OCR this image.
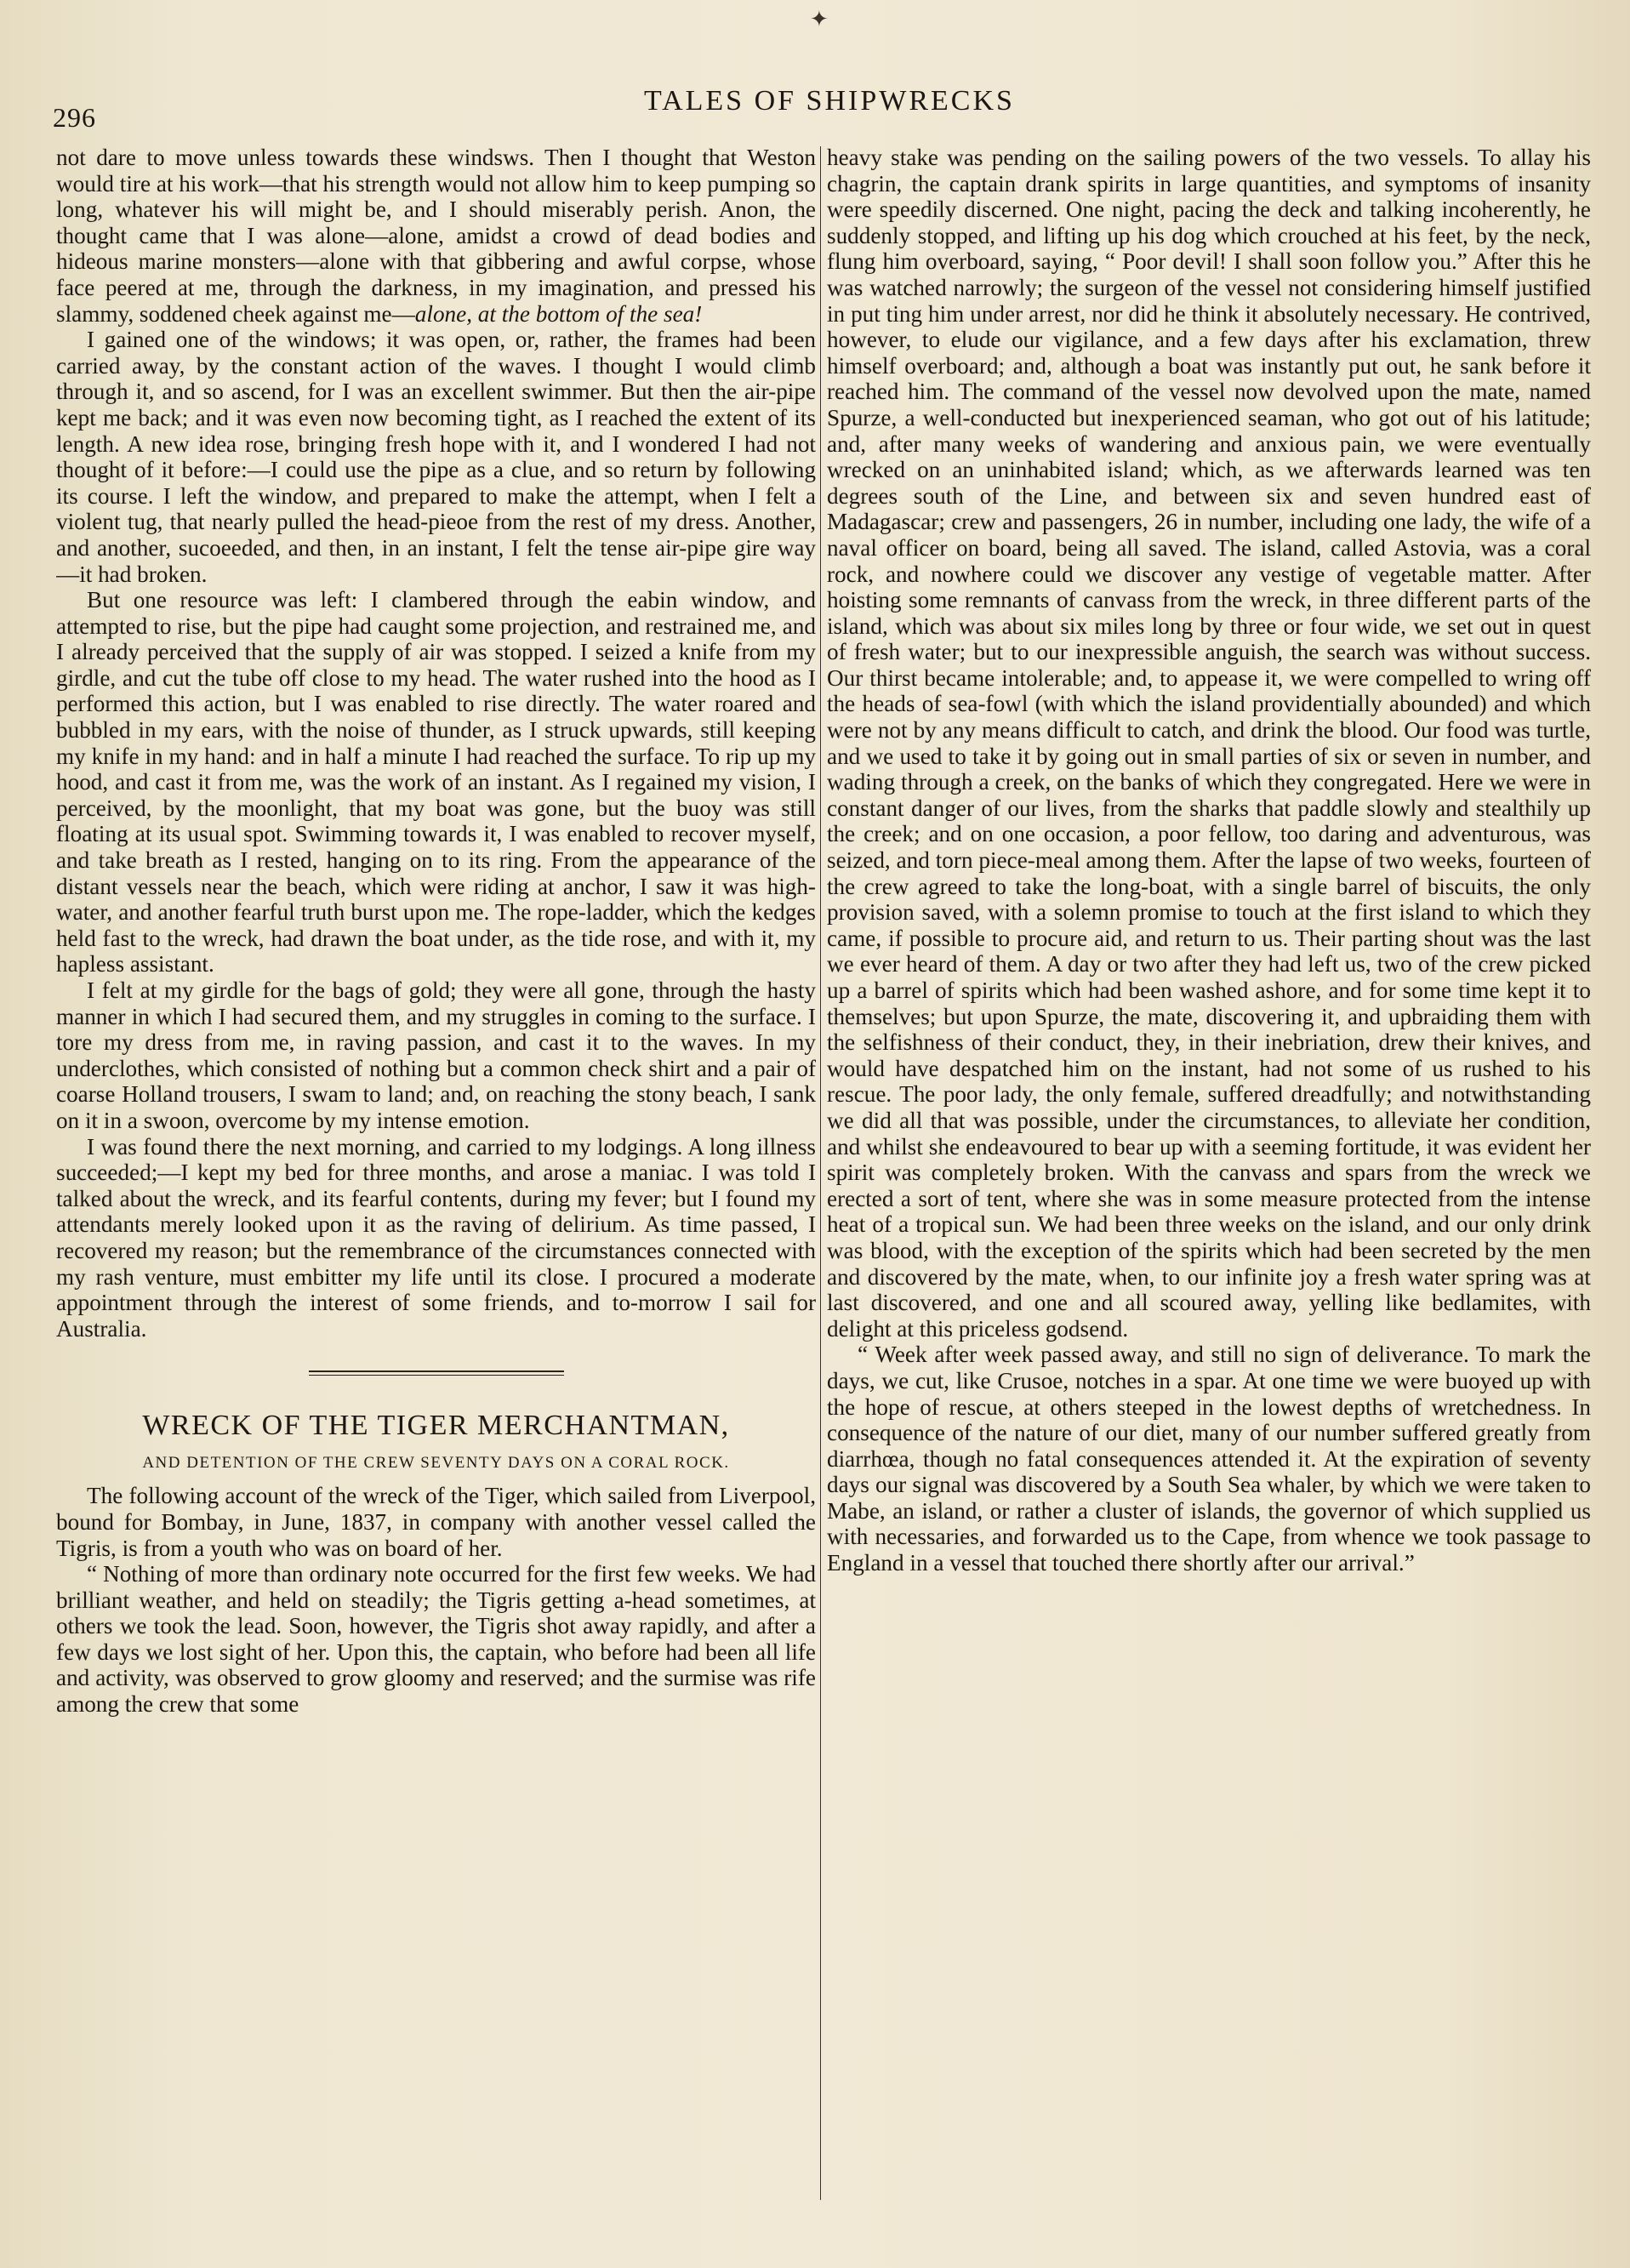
✦
296
TALES OF SHIPWRECKS

not dare to move unless towards these windsws. Then I thought that Weston would tire at his work—that his strength would not allow him to keep pumping so long, whatever his will might be, and I should miserably perish. Anon, the thought came that I was alone—alone, amidst a crowd of dead bodies and hideous marine monsters—alone with that gibbering and awful corpse, whose face peered at me, through the darkness, in my imagination, and pressed his slammy, soddened cheek against me—alone, at the bottom of the sea!

I gained one of the windows; it was open, or, rather, the frames had been carried away, by the constant action of the waves. I thought I would climb through it, and so ascend, for I was an excellent swimmer. But then the air-pipe kept me back; and it was even now becoming tight, as I reached the extent of its length. A new idea rose, bringing fresh hope with it, and I wondered I had not thought of it before:—I could use the pipe as a clue, and so return by following its course. I left the window, and prepared to make the attempt, when I felt a violent tug, that nearly pulled the head-pieoe from the rest of my dress. Another, and another, sucoeeded, and then, in an instant, I felt the tense air-pipe gire way—it had broken.

But one resource was left: I clambered through the eabin window, and attempted to rise, but the pipe had caught some projection, and restrained me, and I already perceived that the supply of air was stopped. I seized a knife from my girdle, and cut the tube off close to my head. The water rushed into the hood as I performed this action, but I was enabled to rise directly. The water roared and bubbled in my ears, with the noise of thunder, as I struck upwards, still keeping my knife in my hand: and in half a minute I had reached the surface. To rip up my hood, and cast it from me, was the work of an instant. As I regained my vision, I perceived, by the moonlight, that my boat was gone, but the buoy was still floating at its usual spot. Swimming towards it, I was enabled to recover myself, and take breath as I rested, hanging on to its ring. From the appearance of the distant vessels near the beach, which were riding at anchor, I saw it was high-water, and another fearful truth burst upon me. The rope-ladder, which the kedges held fast to the wreck, had drawn the boat under, as the tide rose, and with it, my hapless assistant.

I felt at my girdle for the bags of gold; they were all gone, through the hasty manner in which I had secured them, and my struggles in coming to the surface. I tore my dress from me, in raving passion, and cast it to the waves. In my underclothes, which consisted of nothing but a common check shirt and a pair of coarse Holland trousers, I swam to land; and, on reaching the stony beach, I sank on it in a swoon, overcome by my intense emotion.

I was found there the next morning, and carried to my lodgings. A long illness succeeded;—I kept my bed for three months, and arose a maniac. I was told I talked about the wreck, and its fearful contents, during my fever; but I found my attendants merely looked upon it as the raving of delirium. As time passed, I recovered my reason; but the remembrance of the circumstances connected with my rash venture, must embitter my life until its close. I procured a moderate appointment through the interest of some friends, and to-morrow I sail for Australia.

WRECK OF THE TIGER MERCHANTMAN,
AND DETENTION OF THE CREW SEVENTY DAYS ON A CORAL ROCK.

The following account of the wreck of the Tiger, which sailed from Liverpool, bound for Bombay, in June, 1837, in company with another vessel called the Tigris, is from a youth who was on board of her.

“ Nothing of more than ordinary note occurred for the first few weeks. We had brilliant weather, and held on steadily; the Tigris getting a-head sometimes, at others we took the lead. Soon, however, the Tigris shot away rapidly, and after a few days we lost sight of her. Upon this, the captain, who before had been all life and activity, was observed to grow gloomy and reserved; and the surmise was rife among the crew that some

heavy stake was pending on the sailing powers of the two vessels. To allay his chagrin, the captain drank spirits in large quantities, and symptoms of insanity were speedily discerned. One night, pacing the deck and talking incoherently, he suddenly stopped, and lifting up his dog which crouched at his feet, by the neck, flung him overboard, saying, “ Poor devil! I shall soon follow you.” After this he was watched narrowly; the surgeon of the vessel not considering himself justified in put ting him under arrest, nor did he think it absolutely necessary. He contrived, however, to elude our vigilance, and a few days after his exclamation, threw himself overboard; and, although a boat was instantly put out, he sank before it reached him. The command of the vessel now devolved upon the mate, named Spurze, a well-conducted but inexperienced seaman, who got out of his latitude; and, after many weeks of wandering and anxious pain, we were eventually wrecked on an uninhabited island; which, as we afterwards learned was ten degrees south of the Line, and between six and seven hundred east of Madagascar; crew and passengers, 26 in number, including one lady, the wife of a naval officer on board, being all saved. The island, called Astovia, was a coral rock, and nowhere could we discover any vestige of vegetable matter. After hoisting some remnants of canvass from the wreck, in three different parts of the island, which was about six miles long by three or four wide, we set out in quest of fresh water; but to our inexpressible anguish, the search was without success. Our thirst became intolerable; and, to appease it, we were compelled to wring off the heads of sea-fowl (with which the island providentially abounded) and which were not by any means difficult to catch, and drink the blood. Our food was turtle, and we used to take it by going out in small parties of six or seven in number, and wading through a creek, on the banks of which they congregated. Here we were in constant danger of our lives, from the sharks that paddle slowly and stealthily up the creek; and on one occasion, a poor fellow, too daring and adventurous, was seized, and torn piece-meal among them. After the lapse of two weeks, fourteen of the crew agreed to take the long-boat, with a single barrel of biscuits, the only provision saved, with a solemn promise to touch at the first island to which they came, if possible to procure aid, and return to us. Their parting shout was the last we ever heard of them. A day or two after they had left us, two of the crew picked up a barrel of spirits which had been washed ashore, and for some time kept it to themselves; but upon Spurze, the mate, discovering it, and upbraiding them with the selfishness of their conduct, they, in their inebriation, drew their knives, and would have despatched him on the instant, had not some of us rushed to his rescue. The poor lady, the only female, suffered dreadfully; and notwithstanding we did all that was possible, under the circumstances, to alleviate her condition, and whilst she endeavoured to bear up with a seeming fortitude, it was evident her spirit was completely broken. With the canvass and spars from the wreck we erected a sort of tent, where she was in some measure protected from the intense heat of a tropical sun. We had been three weeks on the island, and our only drink was blood, with the exception of the spirits which had been secreted by the men and discovered by the mate, when, to our infinite joy a fresh water spring was at last discovered, and one and all scoured away, yelling like bedlamites, with delight at this priceless godsend.

“ Week after week passed away, and still no sign of deliverance. To mark the days, we cut, like Crusoe, notches in a spar. At one time we were buoyed up with the hope of rescue, at others steeped in the lowest depths of wretchedness. In consequence of the nature of our diet, many of our number suffered greatly from diarrhœa, though no fatal consequences attended it. At the expiration of seventy days our signal was discovered by a South Sea whaler, by which we were taken to Mabe, an island, or rather a cluster of islands, the governor of which supplied us with necessaries, and forwarded us to the Cape, from whence we took passage to England in a vessel that touched there shortly after our arrival.”
